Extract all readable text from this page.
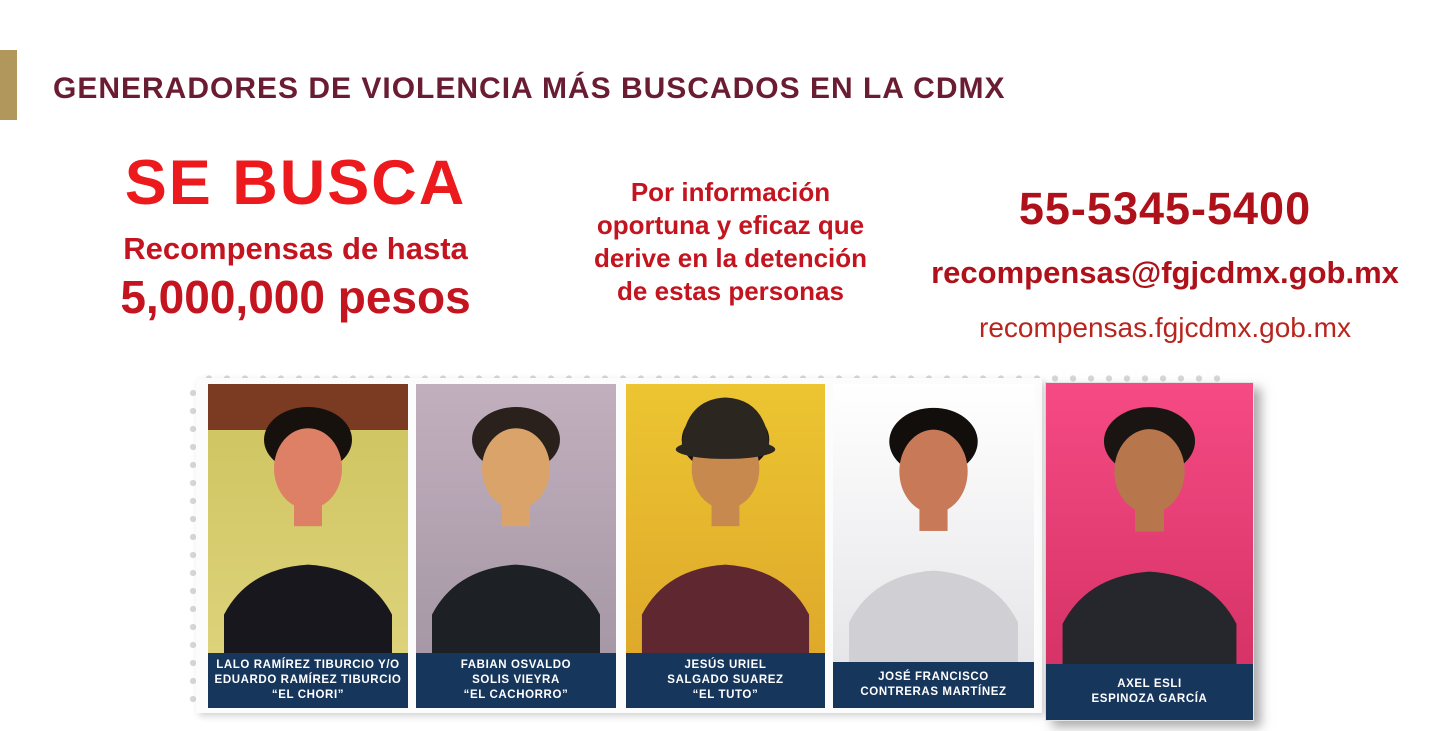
GENERADORES DE VIOLENCIA MÁS BUSCADOS EN LA CDMX
SE BUSCA
Recompensas de hasta
5,000,000 pesos
Por información
oportuna y eficaz que
derive en la detención
de estas personas
55-5345-5400
recompensas@fgjcdmx.gob.mx
recompensas.fgjcdmx.gob.mx
LALO RAMÍREZ TIBURCIO Y/O
EDUARDO RAMÍREZ TIBURCIO
“EL CHORI”
FABIAN OSVALDO
SOLIS VIEYRA
“EL CACHORRO”
JESÚS URIEL
SALGADO SUAREZ
“EL TUTO”
JOSÉ FRANCISCO
CONTRERAS MARTÍNEZ
AXEL ESLI
ESPINOZA GARCÍA
